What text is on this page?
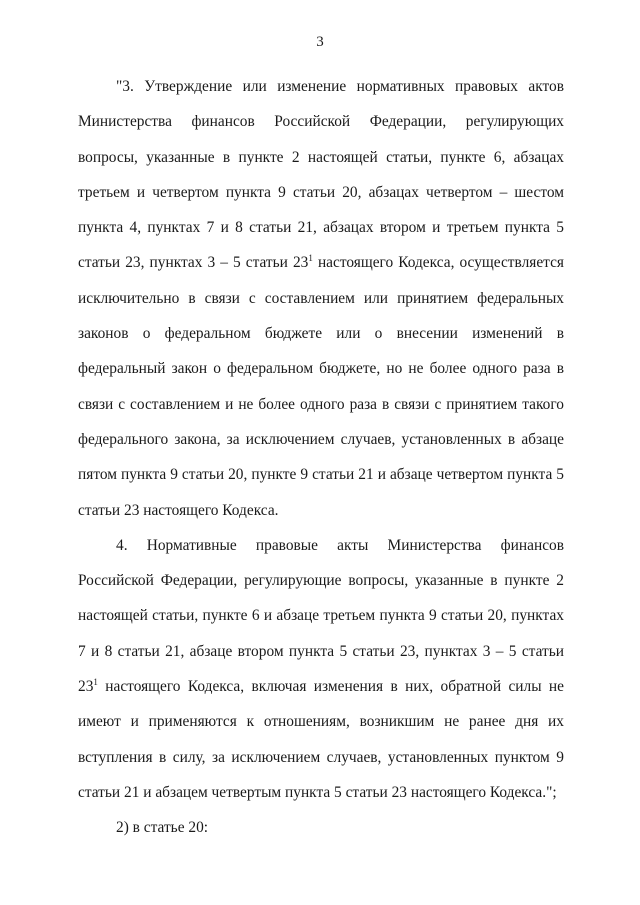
3

"3. Утверждение или изменение нормативных правовых актов Министерства финансов Российской Федерации, регулирующих вопросы, указанные в пункте 2 настоящей статьи, пункте 6, абзацах третьем и четвертом пункта 9 статьи 20, абзацах четвертом – шестом пункта 4, пунктах 7 и 8 статьи 21, абзацах втором и третьем пункта 5 статьи 23, пунктах 3 – 5 статьи $23^1$ настоящего Кодекса, осуществляется исключительно в связи с составлением или принятием федеральных законов о федеральном бюджете или о внесении изменений в федеральный закон о федеральном бюджете, но не более одного раза в связи с составлением и не более одного раза в связи с принятием такого федерального закона, за исключением случаев, установленных в абзаце пятом пункта 9 статьи 20, пункте 9 статьи 21 и абзаце четвертом пункта 5 статьи 23 настоящего Кодекса.

4. Нормативные правовые акты Министерства финансов Российской Федерации, регулирующие вопросы, указанные в пункте 2 настоящей статьи, пункте 6 и абзаце третьем пункта 9 статьи 20, пунктах 7 и 8 статьи 21, абзаце втором пункта 5 статьи 23, пунктах 3 – 5 статьи $23^1$ настоящего Кодекса, включая изменения в них, обратной силы не имеют и применяются к отношениям, возникшим не ранее дня их вступления в силу, за исключением случаев, установленных пунктом 9 статьи 21 и абзацем четвертым пункта 5 статьи 23 настоящего Кодекса.";

2) в статье 20:
